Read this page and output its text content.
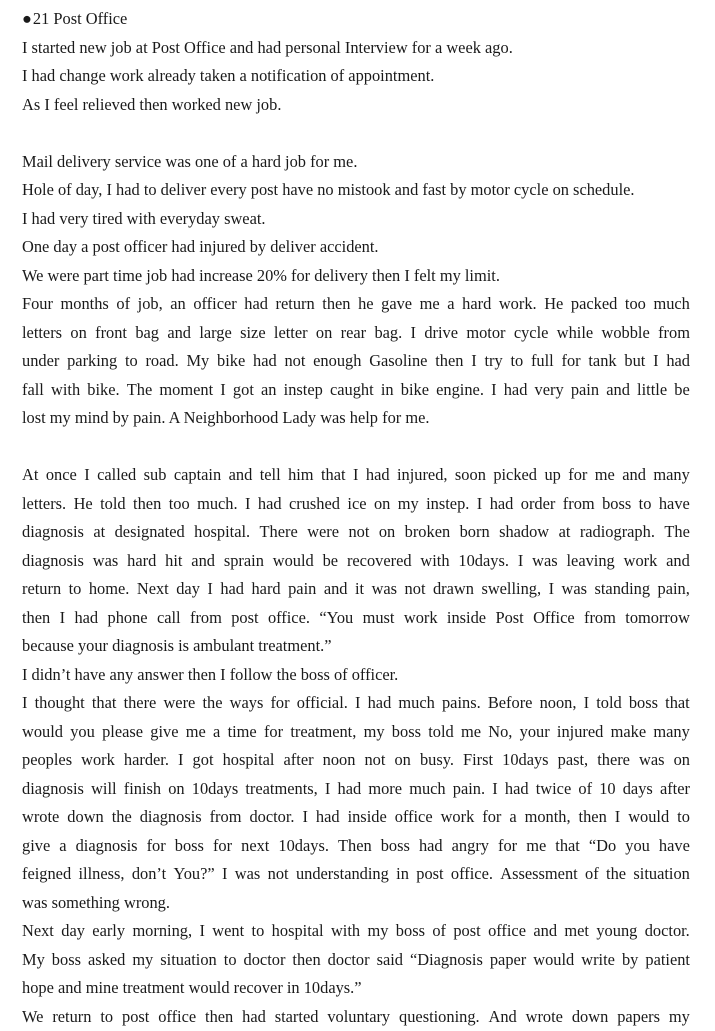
●21 Post Office
I started new job at Post Office and had personal Interview for a week ago.
I had change work already taken a notification of appointment.
As I feel relieved then worked new job.
Mail delivery service was one of a hard job for me.
Hole of day, I had to deliver every post have no mistook and fast by motor cycle on schedule.
I had very tired with everyday sweat.
One day a post officer had injured by deliver accident.
We were part time job had increase 20% for delivery then I felt my limit.
Four months of job, an officer had return then he gave me a hard work. He packed too much
letters on front bag and large size letter on rear bag. I drive motor cycle while wobble from
under parking to road. My bike had not enough Gasoline then I try to full for tank but I had
fall with bike. The moment I got an instep caught in bike engine. I had very pain and little be
lost my mind by pain. A Neighborhood Lady was help for me.
At once I called sub captain and tell him that I had injured, soon picked up for me and many
letters. He told then too much. I had crushed ice on my instep. I had order from boss to have
diagnosis at designated hospital. There were not on broken born shadow at radiograph. The
diagnosis was hard hit and sprain would be recovered with 10days. I was leaving work and
return to home. Next day I had hard pain and it was not drawn swelling, I was standing pain,
then I had phone call from post office. “You must work inside Post Office from tomorrow
because your diagnosis is ambulant treatment.”
I didn’t have any answer then I follow the boss of officer.
I thought that there were the ways for official. I had much pains. Before noon, I told boss that
would you please give me a time for treatment, my boss told me No, your injured make many
peoples work harder. I got hospital after noon not on busy. First 10days past, there was on
diagnosis will finish on 10days treatments, I had more much pain. I had twice of 10 days after
wrote down the diagnosis from doctor. I had inside office work for a month, then I would to
give a diagnosis for boss for next 10days. Then boss had angry for me that “Do you have
feigned illness, don’t You?” I was not understanding in post office. Assessment of the situation
was something wrong.
Next day early morning, I went to hospital with my boss of post office and met young doctor.
My boss asked my situation to doctor then doctor said “Diagnosis paper would write by patient
hope and mine treatment would recover in 10days.”
We return to post office then had started voluntary questioning. And wrote down papers my
